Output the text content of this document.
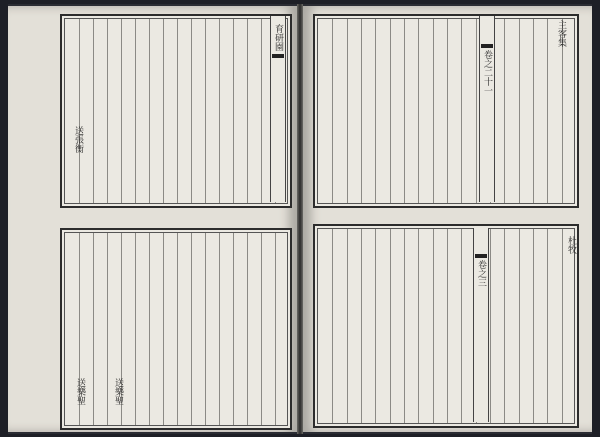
育研園
送張衡
送樂聖	送樂聖
卷之二十一
卷之三
主客集
杜牧
